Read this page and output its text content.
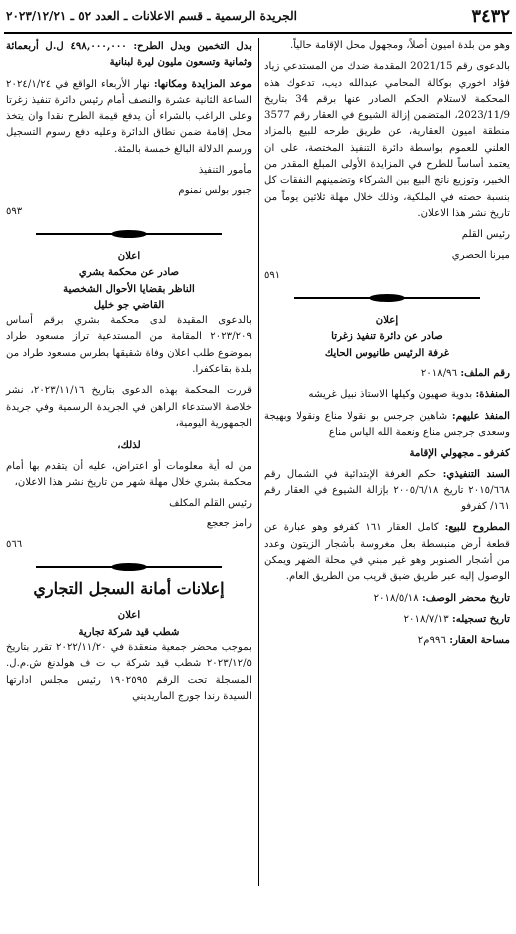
٣٤٣٢
الجريدة الرسمية ـ قسم الاعلانات ـ العدد ٥٢ ـ ٢٠٢٣/١٢/٢١

وهو من بلدة اميون أصلاً، ومجهول محل الإقامة حالياً.

بالدعوى رقم 2021/15 المقدمة ضدك من المستدعي زياد فؤاد اخوري بوكالة المحامي عبدالله ديب، تدعوك هذه المحكمة لاستلام الحكم الصادر عنها برقم 34 بتاريخ 2023/11/9، المتضمن إزالة الشيوع في العقار رقم 3577 منطقة اميون العقارية، عن طريق طرحه للبيع بالمزاد العلني للعموم بواسطة دائرة التنفيذ المختصة، على ان يعتمد أساساً للطرح في المزايدة الأولى المبلغ المقدر من الخبير، وتوزيع ناتج البيع بين الشركاء وتضمينهم النفقات كل بنسبة حصته في الملكية، وذلك خلال مهلة ثلاثين يوماً من تاريخ نشر هذا الاعلان.

رئيس القلم
ميرنا الحصري
٥٩١
إعلان
صادر عن دائرة تنفيذ زغرتا
غرفة الرئيس طانيوس الحايك
رقم الملف: ٢٠١٨/٩٦
المنفذة: بدوية صهيون وكيلها الاستاذ نبيل غريشه
المنفذ عليهم: شاهين جرجس بو نقولا مناع ونقولا وبهيجة وسعدى جرجس مناع ونعمة الله الياس مناع
كفرفو ـ مجهولي الإقامة
السند التنفيذي: حكم الغرفة الإبتدائية في الشمال رقم ٢٠١٥/٦٦٨ تاريخ ٢٠٠٥/٦/١٨ بإزالة الشيوع في العقار رقم ١٦١/ كفرفو
المطروح للبيع: كامل العقار ١٦١ كفرفو وهو عبارة عن قطعة أرض منبسطة بعل مغروسة بأشجار الزيتون وعدد من أشجار الصنوبر وهو غير مبني في محلة الضهر ويمكن الوصول إليه عبر طريق ضيق قريب من الطريق العام.
تاريخ محضر الوصف: ٢٠١٨/٥/١٨
تاريخ تسجيله: ٢٠١٨/٧/١٣
مساحة العقار: ٩٩٦م٢

بدل التخمين وبدل الطرح: ٤٩٨,٠٠٠,٠٠٠ ل.ل أربعمائة وثمانية وتسعون مليون ليرة لبنانية

موعد المزايدة ومكانها: نهار الأربعاء الواقع في ٢٠٢٤/١/٢٤ الساعة الثانية عشرة والنصف أمام رئيس دائرة تنفيذ زغرتا وعلى الراغب بالشراء أن يدفع قيمة الطرح نقدا وان يتخذ محل إقامة ضمن نطاق الدائرة وعليه دفع رسوم التسجيل ورسم الدلالة البالغ خمسة بالمئة.

مأمور التنفيذ
جبور بولس نمنوم
٥٩٣
اعلان
صادر عن محكمة بشري
الناظر بقضايا الأحوال الشخصية
القاضي جو خليل

بالدعوى المقيدة لدى محكمة بشري برقم أساس ٢٠٢٣/٢٠٩ المقامة من المستدعية تراز مسعود طراد بموضوع طلب اعلان وفاة شقيقها بطرس مسعود طراد من بلدة بقاعكفرا.

قررت المحكمة بهذه الدعوى بتاريخ ٢٠٢٣/١١/١٦، نشر خلاصة الاستدعاء الراهن في الجريدة الرسمية وفي جريدة الجمهورية اليومية،

لذلك،

من له أية معلومات أو اعتراض، عليه أن يتقدم بها أمام محكمة بشري خلال مهلة شهر من تاريخ نشر هذا الاعلان،

رئيس القلم المكلف
رامز جعجع
٥٦٦
إعلانات أمانة السجل التجاري
اعلان
شطب قيد شركة تجارية

بموجب محضر جمعية منعقدة في ٢٠٢٢/١١/٢٠ تقرر بتاريخ ٢٠٢٣/١٢/٥ شطب قيد شركة ب ت ف هولدنغ ش.م.ل. المسجلة تحت الرقم ١٩٠٢٥٩٥ رئيس مجلس ادارتها السيدة رندا جورج الماريديني
